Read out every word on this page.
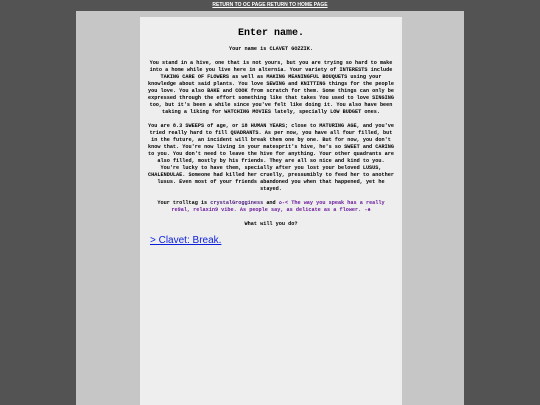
RETURN TO OC PAGE RETURN TO HOME PAGE
Enter name.

Your name is CLAVET GOZZIK.

You stand in a hive, one that is not yours, but you are trying so hard to make into a home while you live here in alternia. Your variety of INTERESTS include TAKING CARE OF FLOWERS as well as MAKING MEANINGFUL BOUQUETS using your knowledge about said plants. You love SEWING and KNITTING things for the people you love. You also BAKE and COOK from scratch for them. Some things can only be expressed through the effort something like that takes You used to love SINGING too, but it's been a while since you've felt like doing it. You also have been taking a liking for WATCHING MOVIES lately, specially LOW BUDGET ones.

You are 8.3 SWEEPS of age, or 18 HUMAN YEARS; close to MATURING AGE, and you've tried really hard to fill QUADRANTS. As per now, you have all four filled, but in the future, an incident will break them one by one. But for now, you don't know that. You're now living in your matesprit's hive, he's so SWEET and CARING to you. You don't need to leave the hive for anything. Your other quadrants are also filled, mostly by his friends. They are all so nice and kind to you. You're lucky to have them, specially after you lost your beloved LUSUS, CHALENDULAE. Someone had killed her cruelly, pressumibly to feed her to another lusus. Even most of your friends abandoned you when that happened, yet he stayed.

Your trolltag is crystalGrogginess and ✿-< The way you speak has a really re9al, relaxin9 vibe. As people say, as delicate as a flower. -♣

What will you do?

> Clavet: Break.
